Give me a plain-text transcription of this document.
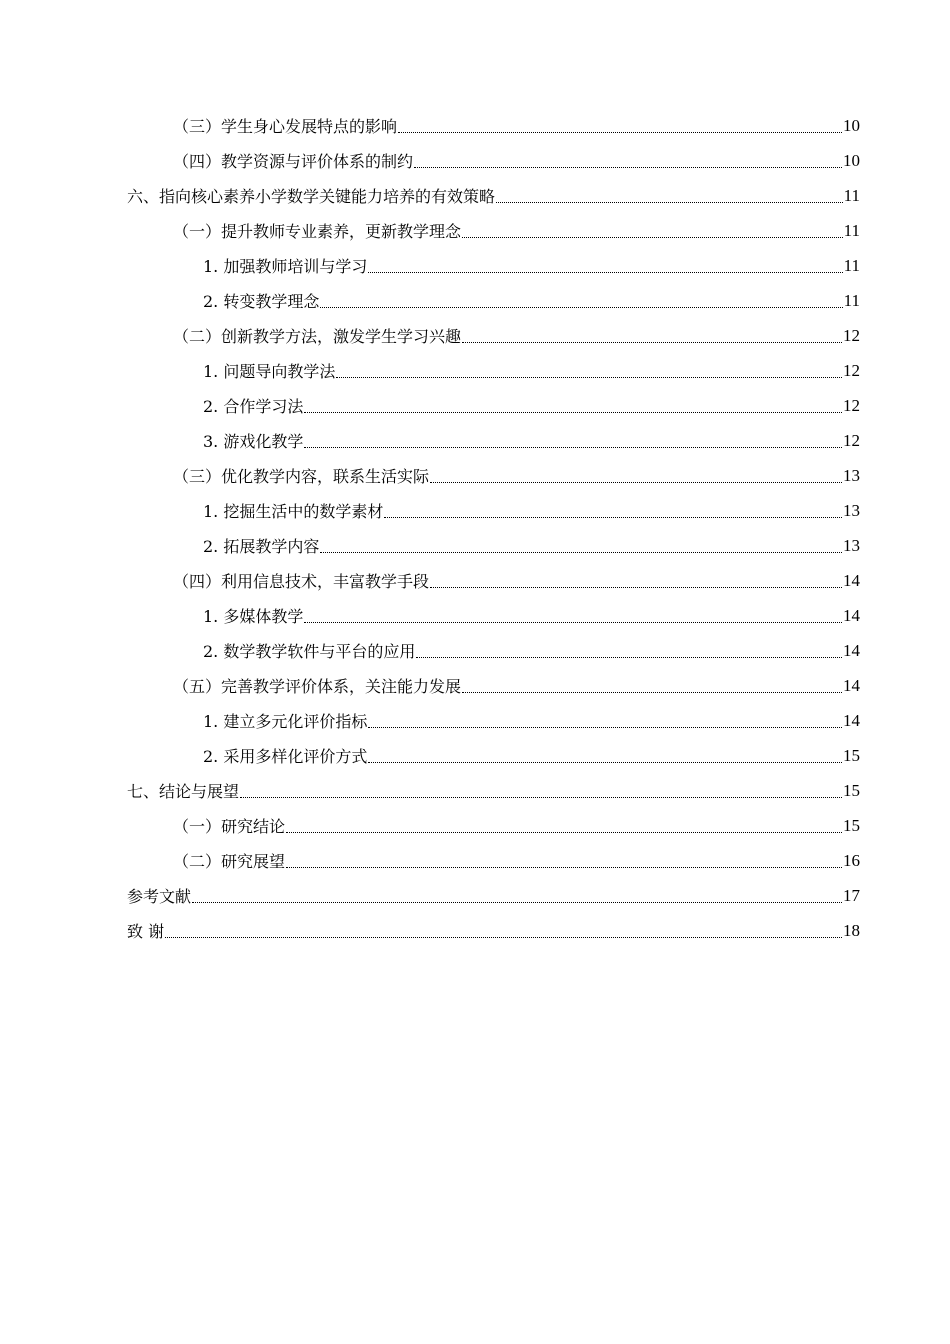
（三）学生身心发展特点的影响	10
（四）教学资源与评价体系的制约	10
六、指向核心素养小学数学关键能力培养的有效策略	11
（一）提升教师专业素养，更新教学理念	11
1. 加强教师培训与学习	11
2. 转变教学理念	11
（二）创新教学方法，激发学生学习兴趣	12
1. 问题导向教学法	12
2. 合作学习法	12
3. 游戏化教学	12
（三）优化教学内容，联系生活实际	13
1. 挖掘生活中的数学素材	13
2. 拓展教学内容	13
（四）利用信息技术，丰富教学手段	14
1. 多媒体教学	14
2. 数学教学软件与平台的应用	14
（五）完善教学评价体系，关注能力发展	14
1. 建立多元化评价指标	14
2. 采用多样化评价方式	15
七、结论与展望	15
（一）研究结论	15
（二）研究展望	16
参考文献	17
致 谢	18
